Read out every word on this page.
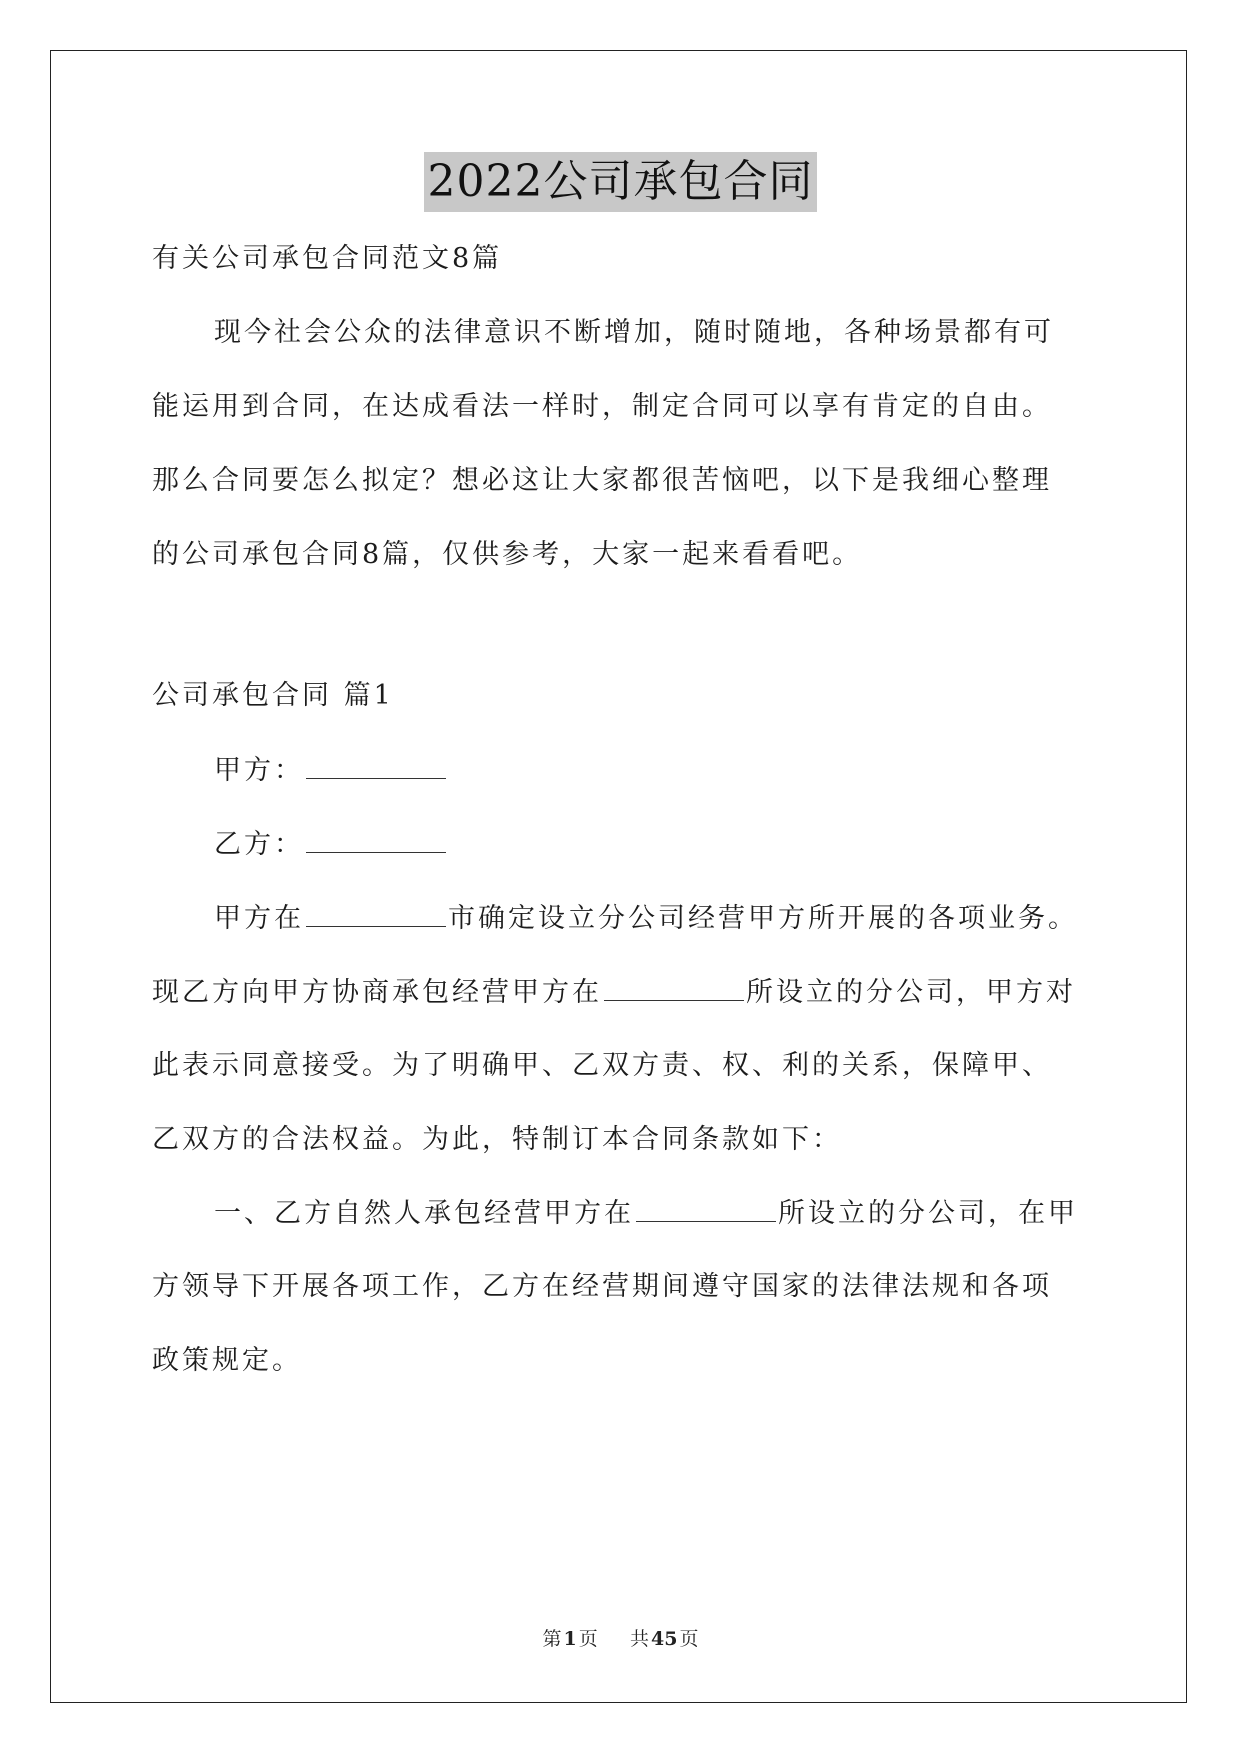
2022公司承包合同
有关公司承包合同范文8篇
现今社会公众的法律意识不断增加，随时随地，各种场景都有可
能运用到合同，在达成看法一样时，制定合同可以享有肯定的自由。
那么合同要怎么拟定？想必这让大家都很苦恼吧，以下是我细心整理
的公司承包合同8篇，仅供参考，大家一起来看看吧。
公司承包合同 篇1
甲方：
乙方：
甲方在	市确定设立分公司经营甲方所开展的各项业务。
现乙方向甲方协商承包经营甲方在	所设立的分公司，甲方对
此表示同意接受。为了明确甲、乙双方责、权、利的关系，保障甲、
乙双方的合法权益。为此，特制订本合同条款如下：
一、乙方自然人承包经营甲方在	所设立的分公司，在甲
方领导下开展各项工作，乙方在经营期间遵守国家的法律法规和各项
政策规定。
第 1 页 共 45 页
